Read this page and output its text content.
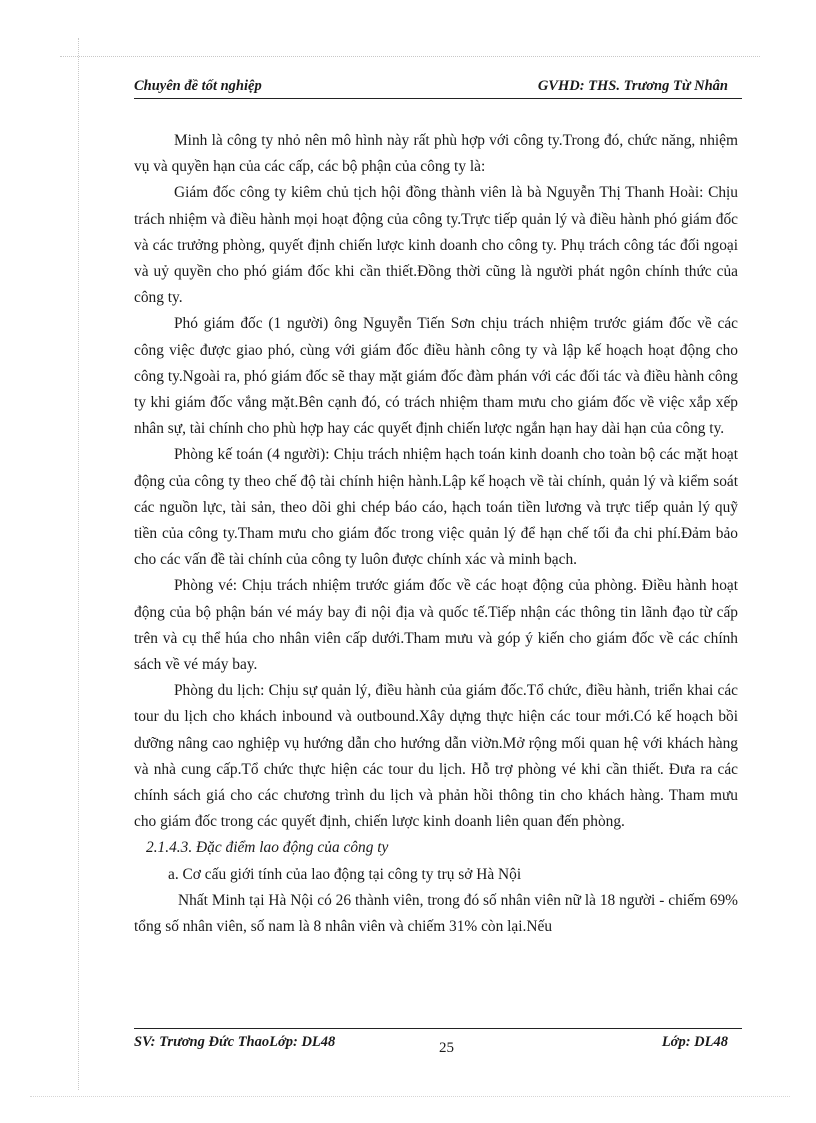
Chuyên đề tốt nghiệp	GVHD: THS. Trương Từ Nhân

Minh là công ty nhỏ nên mô hình này rất phù hợp với công ty.Trong đó, chức năng, nhiệm vụ và quyền hạn của các cấp, các bộ phận của công ty là:

Giám đốc công ty kiêm chủ tịch hội đồng thành viên là bà Nguyễn Thị Thanh Hoài: Chịu trách nhiệm và điều hành mọi hoạt động của công ty.Trực tiếp quản lý và điều hành phó giám đốc và các trưởng phòng, quyết định chiến lược kinh doanh cho công ty. Phụ trách công tác đối ngoại và uỷ quyền cho phó giám đốc khi cần thiết.Đồng thời cũng là người phát ngôn chính thức của công ty.

Phó giám đốc (1 người) ông Nguyễn Tiến Sơn chịu trách nhiệm trước giám đốc về các công việc được giao phó, cùng với giám đốc điều hành công ty và lập kế hoạch hoạt động cho công ty.Ngoài ra, phó giám đốc sẽ thay mặt giám đốc đàm phán với các đối tác và điều hành công ty khi giám đốc vắng mặt.Bên cạnh đó, có trách nhiệm tham mưu cho giám đốc về việc xắp xếp nhân sự, tài chính cho phù hợp hay các quyết định chiến lược ngắn hạn hay dài hạn của công ty.

Phòng kế toán (4 người): Chịu trách nhiệm hạch toán kinh doanh cho toàn bộ các mặt hoạt động của công ty theo chế độ tài chính hiện hành.Lập kế hoạch về tài chính, quản lý và kiểm soát các nguồn lực, tài sản, theo dõi ghi chép báo cáo, hạch toán tiền lương và trực tiếp quản lý quỹ tiền của công ty.Tham mưu cho giám đốc trong việc quản lý để hạn chế tối đa chi phí.Đảm bảo cho các vấn đề tài chính của công ty luôn được chính xác và minh bạch.

Phòng vé: Chịu trách nhiệm trước giám đốc về các hoạt động của phòng. Điều hành hoạt động của bộ phận bán vé máy bay đi nội địa và quốc tế.Tiếp nhận các thông tin lãnh đạo từ cấp trên và cụ thể húa cho nhân viên cấp dưới.Tham mưu và góp ý kiến cho giám đốc về các chính sách về vé máy bay.

Phòng du lịch: Chịu sự quản lý, điều hành của giám đốc.Tổ chức, điều hành, triển khai các tour du lịch cho khách inbound và outbound.Xây dựng thực hiện các tour mới.Có kế hoạch bồi dưỡng nâng cao nghiệp vụ hướng dẫn cho hướng dẫn viờn.Mở rộng mối quan hệ với khách hàng và nhà cung cấp.Tổ chức thực hiện các tour du lịch. Hỗ trợ phòng vé khi cần thiết. Đưa ra các chính sách giá cho các chương trình du lịch và phản hồi thông tin cho khách hàng. Tham mưu cho giám đốc trong các quyết định, chiến lược kinh doanh liên quan đến phòng.

2.1.4.3. Đặc điểm lao động của công ty

a. Cơ cấu giới tính của lao động tại công ty trụ sở Hà Nội

Nhất Minh tại Hà Nội có 26 thành viên, trong đó số nhân viên nữ là 18 người - chiếm 69% tổng số nhân viên, số nam là 8 nhân viên và chiếm 31% còn lại.Nếu

SV: Trương Đức ThaoLớp: DL48	25	Lớp: DL48
